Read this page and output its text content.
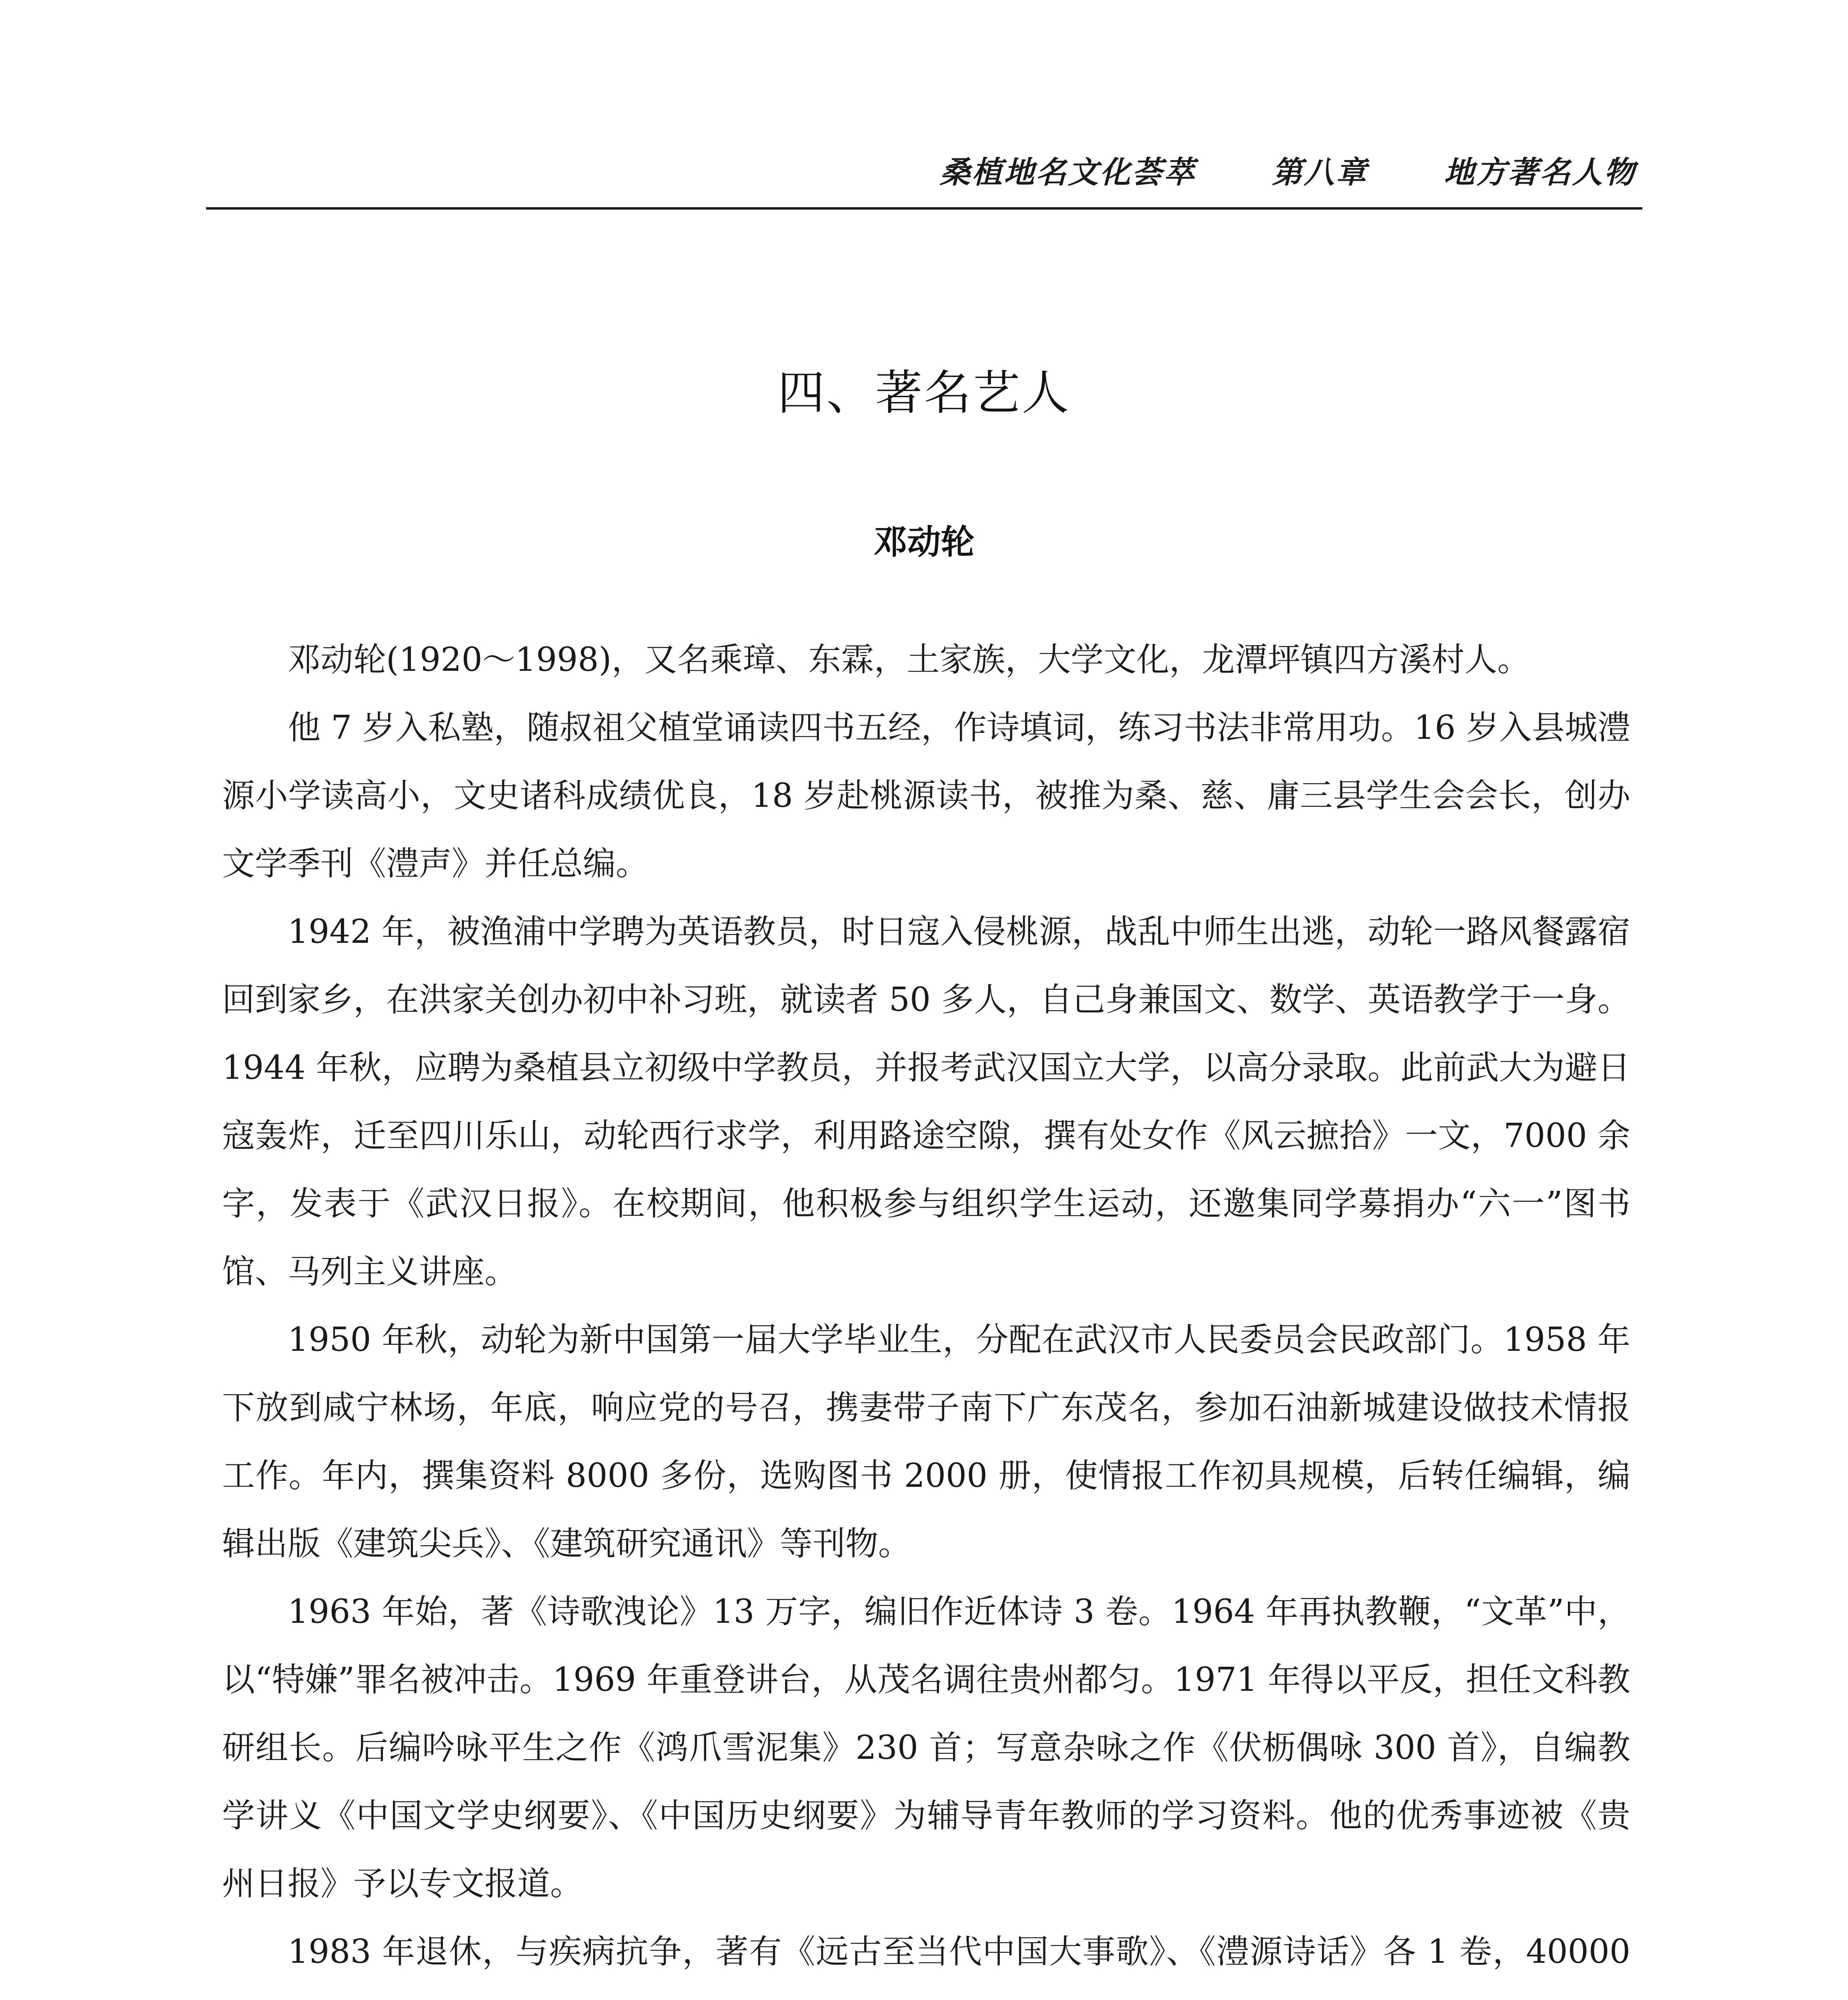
桑植地名文化荟萃	第八章	地方著名人物
四、著名艺人
邓动轮

邓动轮(1920～1998)，又名乘璋、东霖，土家族，大学文化，龙潭坪镇四方溪村人。

他 7 岁入私塾，随叔祖父植堂诵读四书五经，作诗填词，练习书法非常用功。16 岁入县城澧源小学读高小，文史诸科成绩优良，18 岁赴桃源读书，被推为桑、慈、庸三县学生会会长，创办文学季刊《澧声》并任总编。

1942 年，被渔浦中学聘为英语教员，时日寇入侵桃源，战乱中师生出逃，动轮一路风餐露宿回到家乡，在洪家关创办初中补习班，就读者 50 多人，自己身兼国文、数学、英语教学于一身。1944 年秋，应聘为桑植县立初级中学教员，并报考武汉国立大学，以高分录取。此前武大为避日寇轰炸，迁至四川乐山，动轮西行求学，利用路途空隙，撰有处女作《风云摭拾》一文，7000 余字，发表于《武汉日报》。在校期间，他积极参与组织学生运动，还邀集同学募捐办“六一”图书馆、马列主义讲座。

1950 年秋，动轮为新中国第一届大学毕业生，分配在武汉市人民委员会民政部门。1958 年下放到咸宁林场，年底，响应党的号召，携妻带子南下广东茂名，参加石油新城建设做技术情报工作。年内，撰集资料 8000 多份，选购图书 2000 册，使情报工作初具规模，后转任编辑，编辑出版《建筑尖兵》、《建筑研究通讯》等刊物。

1963 年始，著《诗歌洩论》13 万字，编旧作近体诗 3 卷。1964 年再执教鞭，“文革”中，以“特嫌”罪名被冲击。1969 年重登讲台，从茂名调往贵州都匀。1971 年得以平反，担任文科教研组长。后编吟咏平生之作《鸿爪雪泥集》230 首；写意杂咏之作《伏枥偶咏 300 首》，自编教学讲义《中国文学史纲要》、《中国历史纲要》为辅导青年教师的学习资料。他的优秀事迹被《贵州日报》予以专文报道。

1983 年退休，与疾病抗争，著有《远古至当代中国大事歌》、《澧源诗话》各 1 卷，40000
